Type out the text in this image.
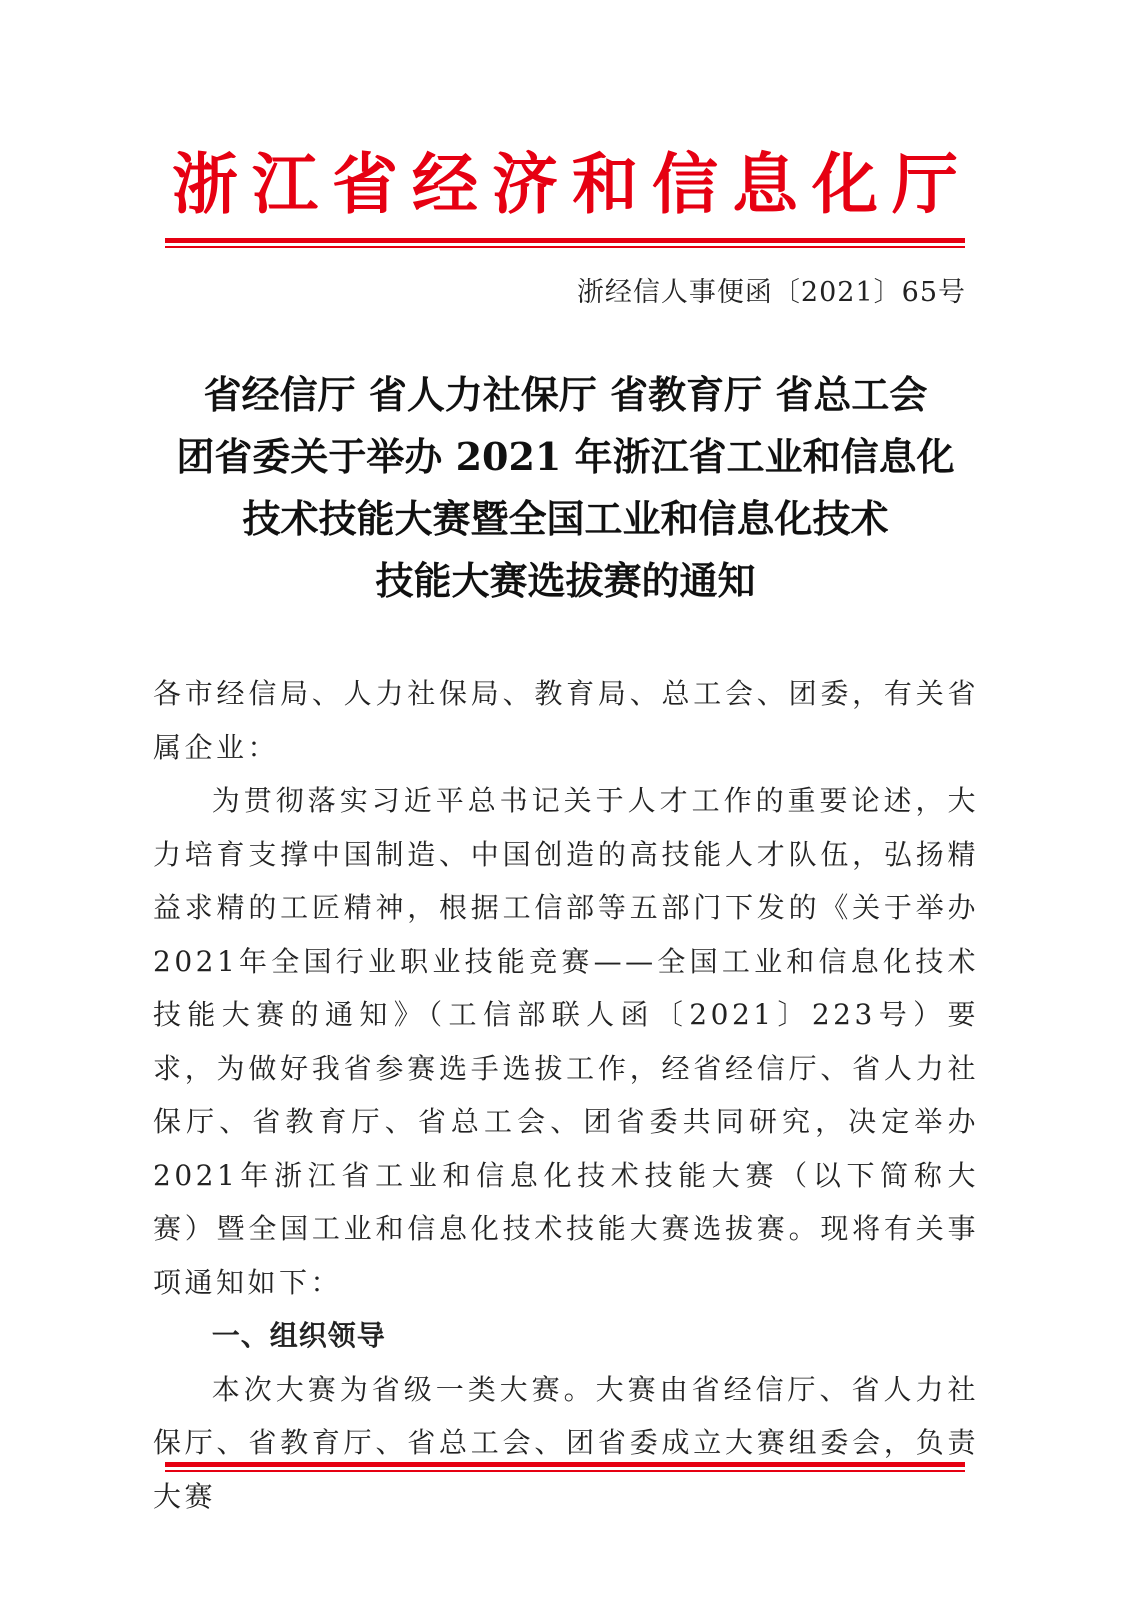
浙 江 省 经 济 和 信 息 化 厅
浙经信人事便函〔2021〕65号
省经信厅 省人力社保厅 省教育厅 省总工会
团省委关于举办 2021 年浙江省工业和信息化
技术技能大赛暨全国工业和信息化技术
技能大赛选拔赛的通知

各市经信局、人力社保局、教育局、总工会、团委，有关省属企业：

为贯彻落实习近平总书记关于人才工作的重要论述，大力培育支撑中国制造、中国创造的高技能人才队伍，弘扬精益求精的工匠精神，根据工信部等五部门下发的《关于举办2021年全国行业职业技能竞赛——全国工业和信息化技术技能大赛的通知》（工信部联人函〔2021〕223号）要求，为做好我省参赛选手选拔工作，经省经信厅、省人力社保厅、省教育厅、省总工会、团省委共同研究，决定举办2021年浙江省工业和信息化技术技能大赛（以下简称大赛）暨全国工业和信息化技术技能大赛选拔赛。现将有关事项通知如下：

一、组织领导

本次大赛为省级一类大赛。大赛由省经信厅、省人力社保厅、省教育厅、省总工会、团省委成立大赛组委会，负责大赛
